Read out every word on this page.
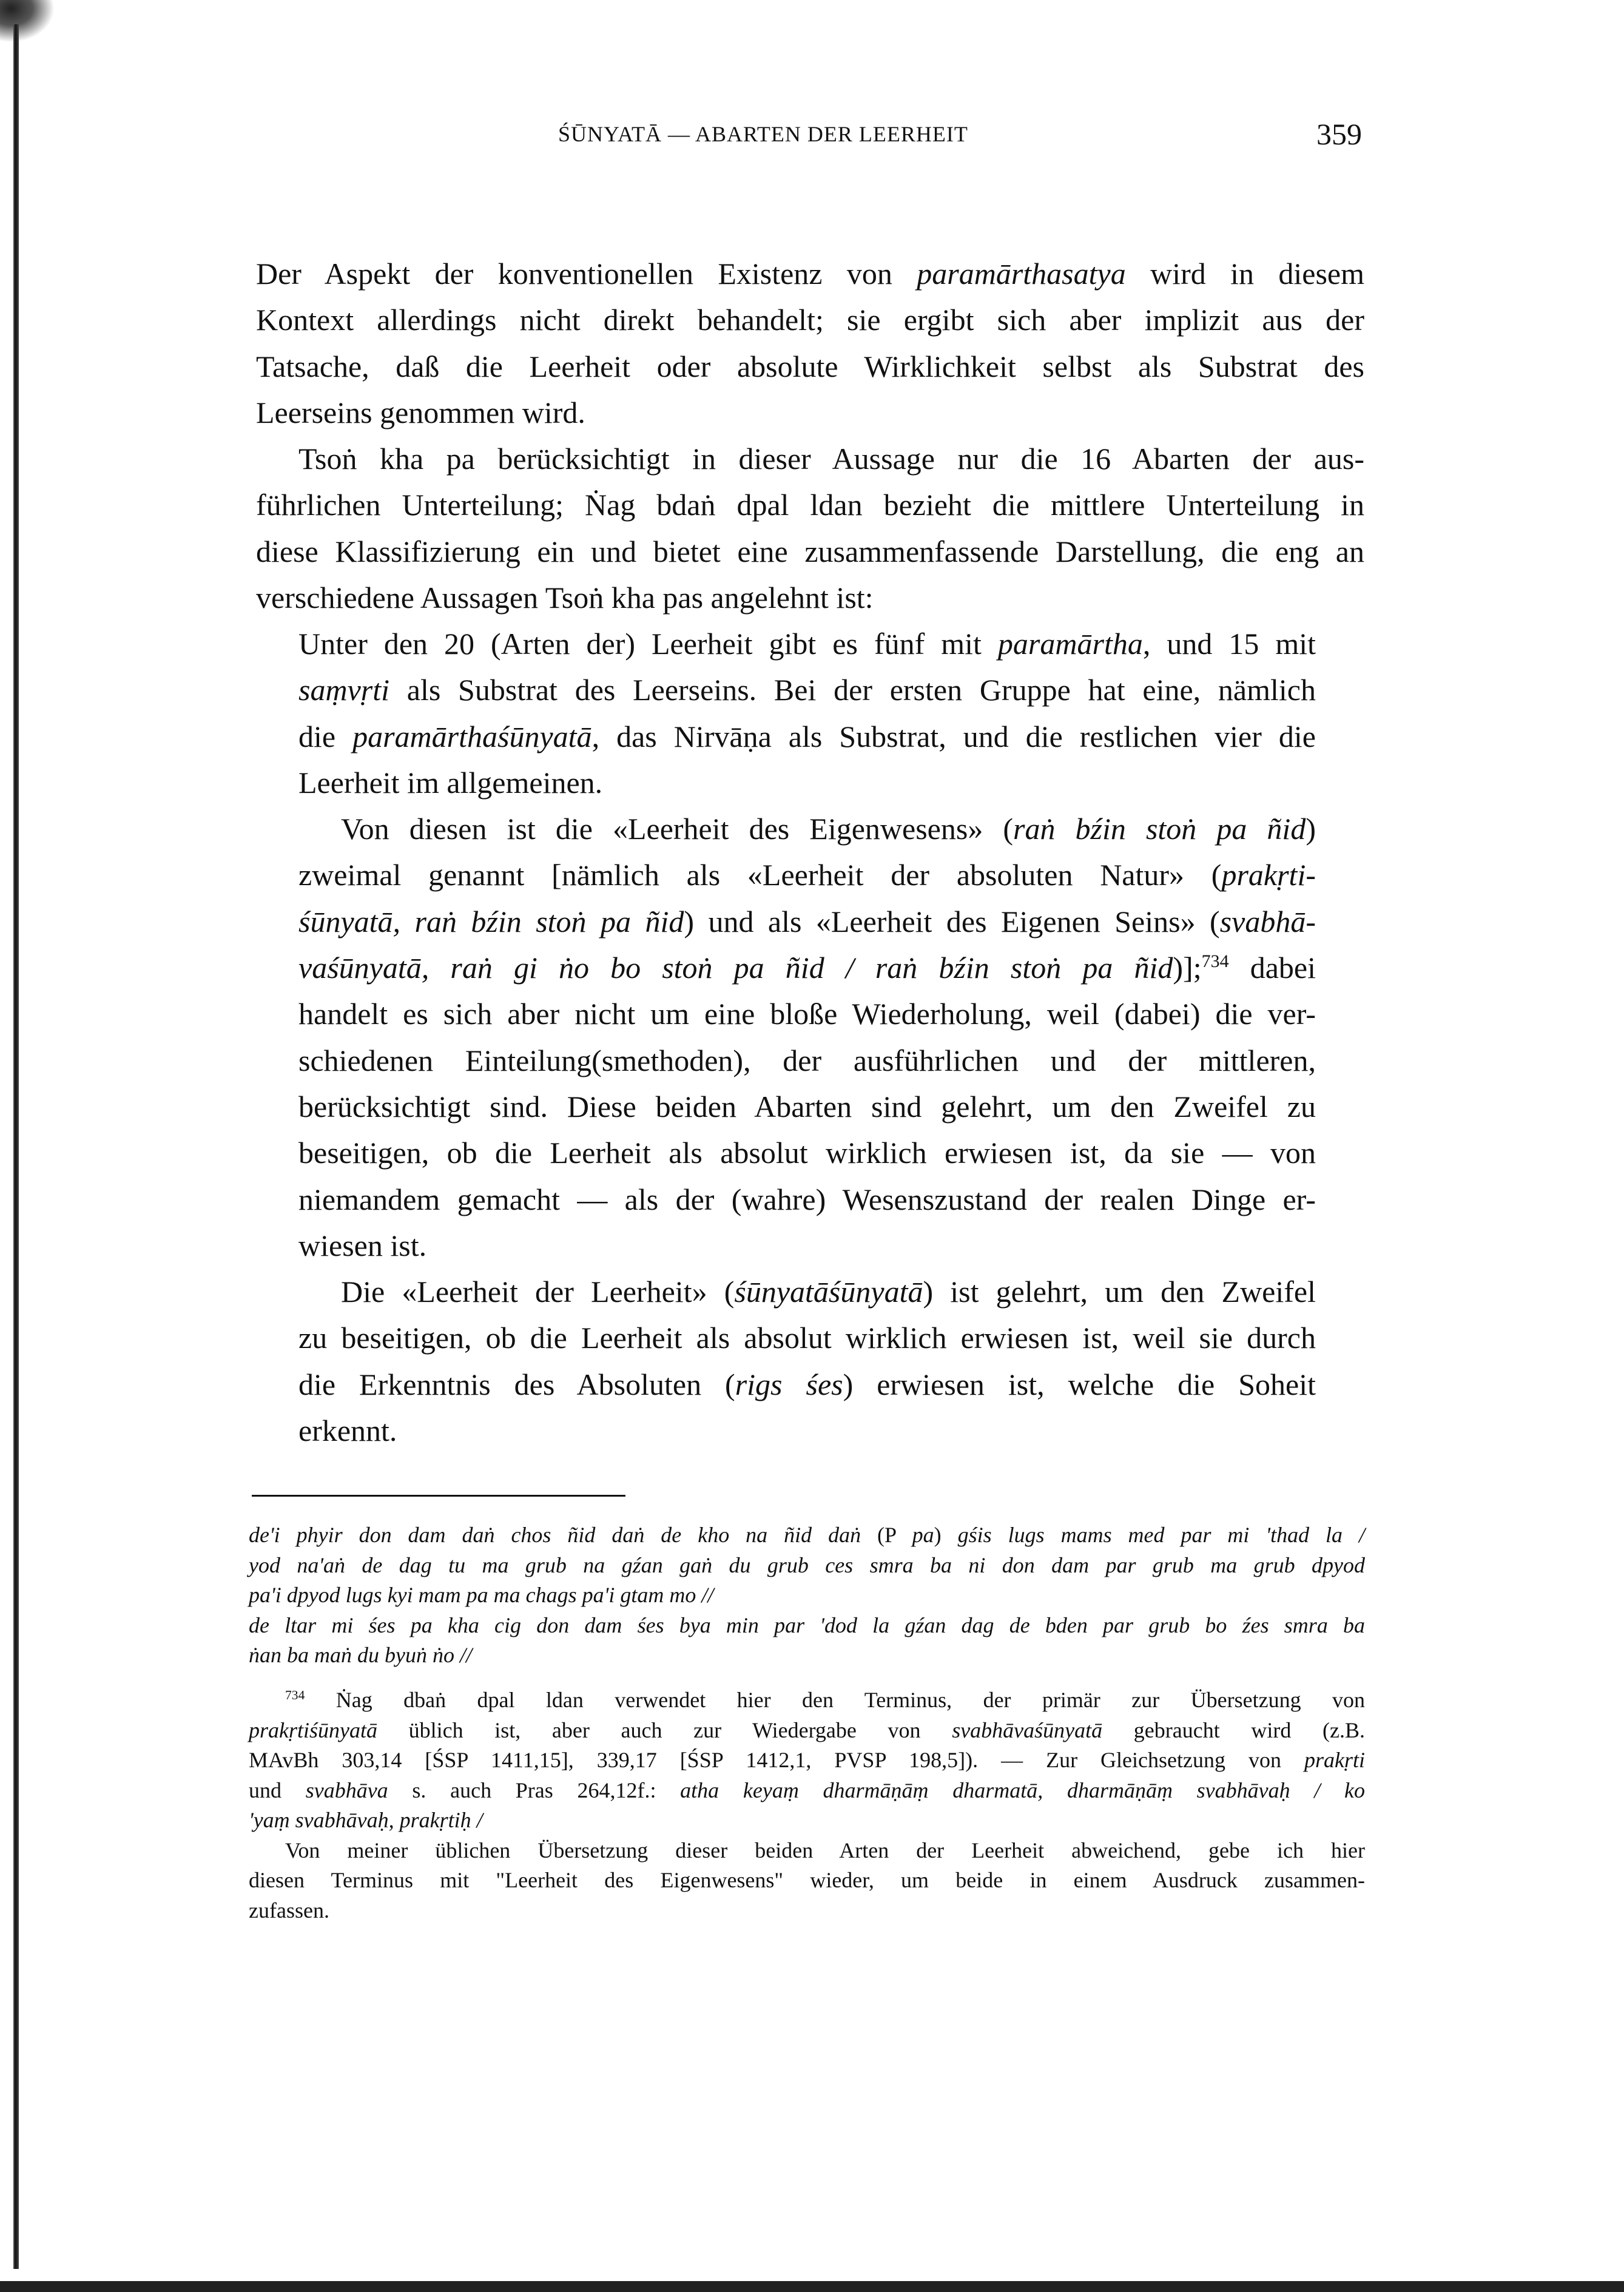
ŚŪNYATĀ — ABARTEN DER LEERHEIT	359
Der Aspekt der konventionellen Existenz von paramārthasatya wird in diesem
Kontext allerdings nicht direkt behandelt; sie ergibt sich aber implizit aus der
Tatsache, daß die Leerheit oder absolute Wirklichkeit selbst als Substrat des
Leerseins genommen wird.
Tsoṅ kha pa berücksichtigt in dieser Aussage nur die 16 Abarten der aus-
führlichen Unterteilung; Ṅag bdaṅ dpal ldan bezieht die mittlere Unterteilung in
diese Klassifizierung ein und bietet eine zusammenfassende Darstellung, die eng an
verschiedene Aussagen Tsoṅ kha pas angelehnt ist:
Unter den 20 (Arten der) Leerheit gibt es fünf mit paramārtha, und 15 mit
saṃvṛti als Substrat des Leerseins. Bei der ersten Gruppe hat eine, nämlich
die paramārthaśūnyatā, das Nirvāṇa als Substrat, und die restlichen vier die
Leerheit im allgemeinen.
Von diesen ist die «Leerheit des Eigenwesens» (raṅ bźin stoṅ pa ñid)
zweimal genannt [nämlich als «Leerheit der absoluten Natur» (prakṛti-
śūnyatā, raṅ bźin stoṅ pa ñid) und als «Leerheit des Eigenen Seins» (svabhā-
vaśūnyatā, raṅ gi ṅo bo stoṅ pa ñid / raṅ bźin stoṅ pa ñid)];$^{734}$ dabei
handelt es sich aber nicht um eine bloße Wiederholung, weil (dabei) die ver-
schiedenen Einteilung(smethoden), der ausführlichen und der mittleren,
berücksichtigt sind. Diese beiden Abarten sind gelehrt, um den Zweifel zu
beseitigen, ob die Leerheit als absolut wirklich erwiesen ist, da sie — von
niemandem gemacht — als der (wahre) Wesenszustand der realen Dinge er-
wiesen ist.
Die «Leerheit der Leerheit» (śūnyatāśūnyatā) ist gelehrt, um den Zweifel
zu beseitigen, ob die Leerheit als absolut wirklich erwiesen ist, weil sie durch
die Erkenntnis des Absoluten (rigs śes) erwiesen ist, welche die Soheit
erkennt.
de'i phyir don dam daṅ chos ñid daṅ de kho na ñid daṅ (P pa) gśis lugs mams med par mi 'thad la /
yod na'aṅ de dag tu ma grub na gźan gaṅ du grub ces smra ba ni don dam par grub ma grub dpyod
pa'i dpyod lugs kyi mam pa ma chags pa'i gtam mo //
de ltar mi śes pa kha cig don dam śes bya min par 'dod la gźan dag de bden par grub bo źes smra ba
ṅan ba maṅ du byuṅ ṅo //
$^{734}$ Ṅag dbaṅ dpal ldan verwendet hier den Terminus, der primär zur Übersetzung von
prakṛtiśūnyatā üblich ist, aber auch zur Wiedergabe von svabhāvaśūnyatā gebraucht wird (z.B.
MAvBh 303,14 [ŚSP 1411,15], 339,17 [ŚSP 1412,1, PVSP 198,5]). — Zur Gleichsetzung von prakṛti
und svabhāva s. auch Pras 264,12f.: atha keyaṃ dharmāṇāṃ dharmatā, dharmāṇāṃ svabhāvaḥ / ko
'yaṃ svabhāvaḥ, prakṛtiḥ /
Von meiner üblichen Übersetzung dieser beiden Arten der Leerheit abweichend, gebe ich hier
diesen Terminus mit "Leerheit des Eigenwesens" wieder, um beide in einem Ausdruck zusammen-
zufassen.
